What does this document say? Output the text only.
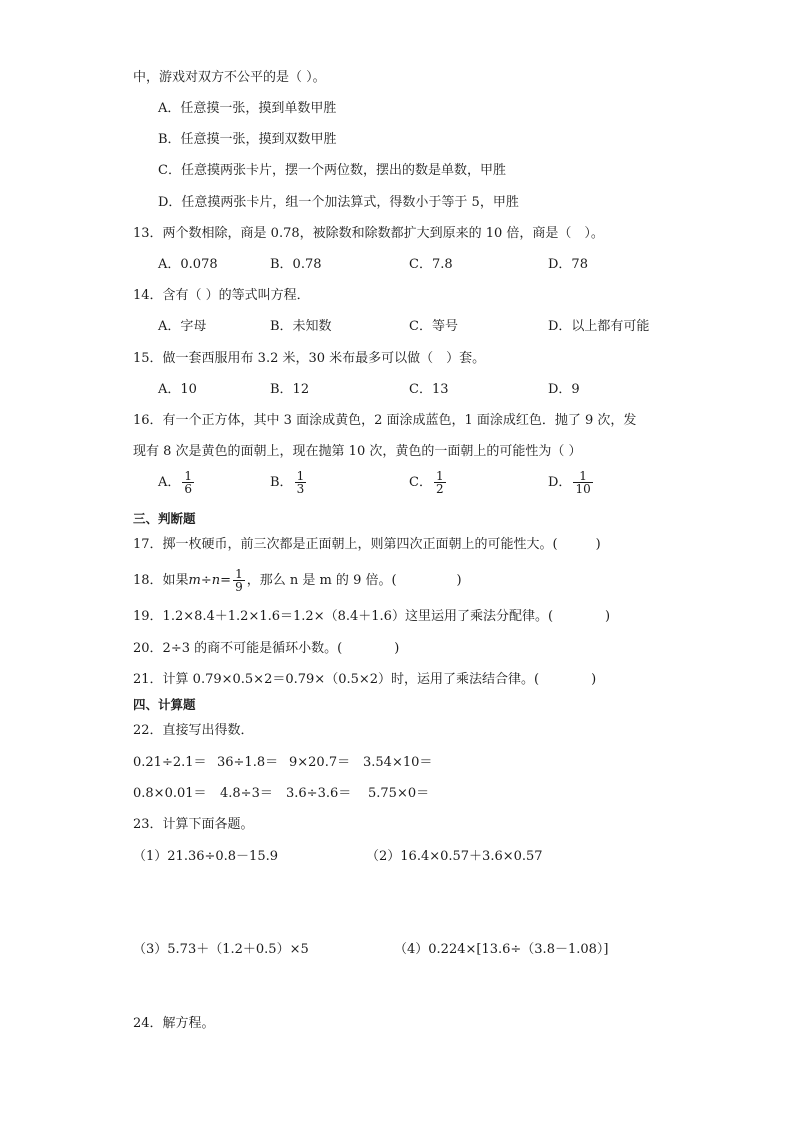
中，游戏对双方不公平的是（ ）。
A．任意摸一张，摸到单数甲胜
B．任意摸一张，摸到双数甲胜
C．任意摸两张卡片，摆一个两位数，摆出的数是单数，甲胜
D．任意摸两张卡片，组一个加法算式，得数小于等于 5，甲胜
13．两个数相除，商是 0.78，被除数和除数都扩大到原来的 10 倍，商是（　）。
A．0.078	B．0.78	C．7.8	D．78
14．含有（ ）的等式叫方程．
A．字母	B．未知数	C．等号	D．以上都有可能
15．做一套西服用布 3.2 米，30 米布最多可以做（　）套。
A．10	B．12	C．13	D．9
16．有一个正方体，其中 3 面涂成黄色，2 面涂成蓝色，1 面涂成红色．抛了 9 次，发
现有 8 次是黄色的面朝上，现在抛第 10 次，黄色的一面朝上的可能性为（ ）
A． $\frac{1}{6}$	B． $\frac{1}{3}$	C． $\frac{1}{2}$	D． $\frac{1}{10}$
三、判断题
17．掷一枚硬币，前三次都是正面朝上，则第四次正面朝上的可能性大。(	)
18．如果$m\div n= \frac{1}{9}$ ，那么 n 是 m 的 9 倍。(	)
19．1.2×8.4＋1.2×1.6＝1.2×（8.4＋1.6）这里运用了乘法分配律。(	)
20．2÷3 的商不可能是循环小数。(	)
21．计算 0.79×0.5×2＝0.79×（0.5×2）时，运用了乘法结合律。(	)
四、计算题
22．直接写出得数．
0.21÷2.1＝ 36÷1.8＝ 9×20.7＝ 3.54×10＝
0.8×0.01＝ 4.8÷3＝ 3.6÷3.6＝ 5.75×0＝
23．计算下面各题。
（1）21.36÷0.8－15.9	（2）16.4×0.57＋3.6×0.57
（3）5.73＋（1.2＋0.5）×5	（4）0.224×[13.6÷（3.8－1.08）]
24．解方程。
